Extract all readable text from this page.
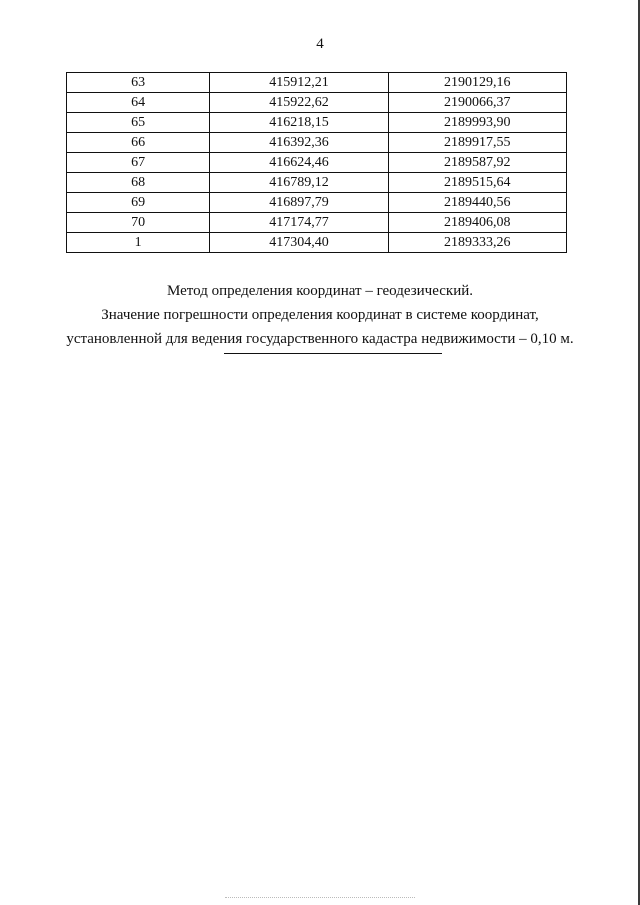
4
63	415912,21	2190129,16
64	415922,62	2190066,37
65	416218,15	2189993,90
66	416392,36	2189917,55
67	416624,46	2189587,92
68	416789,12	2189515,64
69	416897,79	2189440,56
70	417174,77	2189406,08
1	417304,40	2189333,26
Метод определения координат – геодезический.
Значение погрешности определения координат в системе координат,
установленной для ведения государственного кадастра недвижимости – 0,10 м.
